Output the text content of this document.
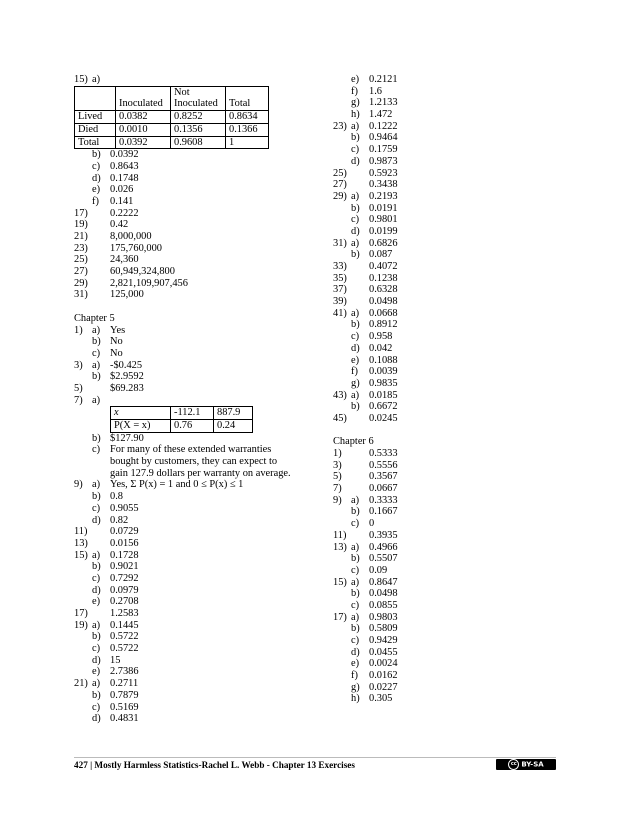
15) a)
	Inoculated	Not
Inoculated	Total
Lived	0.0382	0.8252	0.8634
Died	0.0010	0.1356	0.1366
Total	0.0392	0.9608	1
b) 0.0392
c) 0.8643
d) 0.1748
e) 0.026
f) 0.141
17) 0.2222
19) 0.42
21) 8,000,000
23) 175,760,000
25) 24,360
27) 60,949,324,800
29) 2,821,109,907,456
31) 125,000
Chapter 5
1) a) Yes
b) No
c) No
3) a) -$0.425
b) $2.9592
5)	$69.283
7) a)
x	-112.1	887.9
P(X = x)	0.76	0.24
b) $127.90
c) For many of these extended warranties
bought by customers, they can expect to
gain 127.9 dollars per warranty on average.
9) a) Yes, Σ P(x) = 1 and 0 ≤ P(x) ≤ 1
b) 0.8
c) 0.9055
d) 0.82
11) 0.0729
13) 0.0156
15) a) 0.1728
b) 0.9021
c) 0.7292
d) 0.0979
e) 0.2708
17) 1.2583
19) a) 0.1445
b) 0.5722
c) 0.5722
d) 15
e) 2.7386
21) a) 0.2711
b) 0.7879
c) 0.5169
d) 0.4831
e) 0.2121
f) 1.6
g) 1.2133
h) 1.472
23) a) 0.1222
b) 0.9464
c) 0.1759
d) 0.9873
25) 0.5923
27) 0.3438
29) a) 0.2193
b) 0.0191
c) 0.9801
d) 0.0199
31) a) 0.6826
b) 0.087
33) 0.4072
35) 0.1238
37) 0.6328
39) 0.0498
41) a) 0.0668
b) 0.8912
c) 0.958
d) 0.042
e) 0.1088
f) 0.0039
g) 0.9835
43) a) 0.0185
b) 0.6672
45) 0.0245
Chapter 6
1)	0.5333
3)	0.5556
5)	0.3567
7)	0.0667
9) a) 0.3333
b) 0.1667
c) 0
11) 0.3935
13) a) 0.4966
b) 0.5507
c) 0.09
15) a) 0.8647
b) 0.0498
c) 0.0855
17) a) 0.9803
b) 0.5809
c) 0.9429
d) 0.0455
e) 0.0024
f) 0.0162
g) 0.0227
h) 0.305
427 | Mostly Harmless Statistics-Rachel L. Webb - Chapter 13 Exercises	cc BY-SA
